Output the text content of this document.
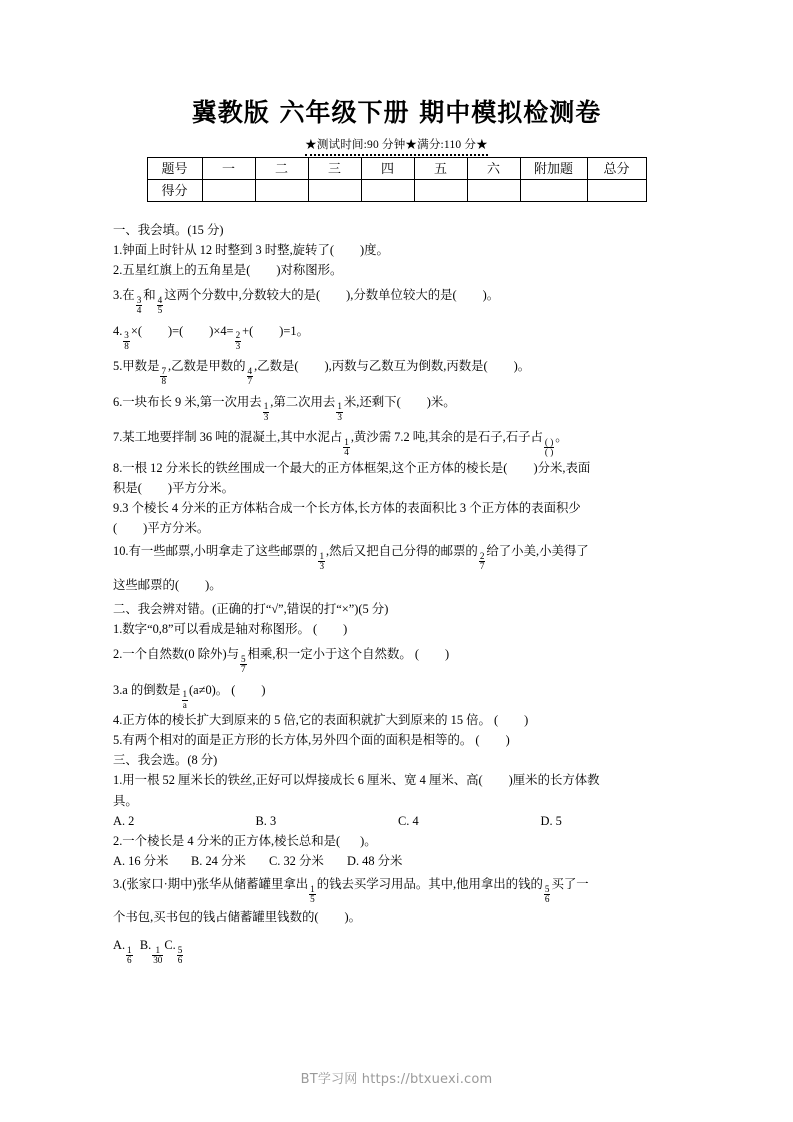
冀教版 六年级下册 期中模拟检测卷
★测试时间:90 分钟★满分:110 分★
题号	一	二	三	四	五	六	附加题	总分
得分								

一、我会填。(15 分)

1.钟面上时针从 12 时整到 3 时整,旋转了( )度。

2.五星红旗上的五角星是( )对称图形。

3.在
$\frac{3}{4}$
和
$\frac{4}{5}$
这两个分数中,分数较大的是( ),分数单位较大的是( )。

4.
$\frac{3}{8}$
×( )=( )×4=
$\frac{2}{3}$
+( )=1。

5.甲数是
$\frac{7}{8}$
,乙数是甲数的
$\frac{4}{7}$
,乙数是( ),丙数与乙数互为倒数,丙数是( )。

6.一块布长 9 米,第一次用去
$\frac{1}{3}$
,第二次用去
$\frac{1}{3}$
米,还剩下( )米。

7.某工地要拌制 36 吨的混凝土,其中水泥占
$\frac{1}{4}$
,黄沙需 7.2 吨,其余的是石子,石子占
$\frac{( )}{( )}$
。

8.一根 12 分米长的铁丝围成一个最大的正方体框架,这个正方体的棱长是( )分米,表面

积是( )平方分米。

9.3 个棱长 4 分米的正方体粘合成一个长方体,长方体的表面积比 3 个正方体的表面积少

( )平方分米。

10.有一些邮票,小明拿走了这些邮票的
$\frac{1}{3}$
,然后又把自己分得的邮票的
$\frac{2}{7}$
给了小美,小美得了

这些邮票的( )。

二、我会辨对错。(正确的打“√”,错误的打“×”)(5 分)

1.数字“0,8”可以看成是轴对称图形。 ( )

2.一个自然数(0 除外)与
$\frac{5}{7}$
相乘,积一定小于这个自然数。 ( )

3.a 的倒数是
$\frac{1}{a}$
(a≠0)。 ( )

4.正方体的棱长扩大到原来的 5 倍,它的表面积就扩大到原来的 15 倍。 ( )

5.有两个相对的面是正方形的长方体,另外四个面的面积是相等的。 ( )

三、我会选。(8 分)

1.用一根 52 厘米长的铁丝,正好可以焊接成长 6 厘米、宽 4 厘米、高( )厘米的长方体教

具。

A. 2	B. 3	C. 4	D. 5

2.一个棱长是 4 分米的正方体,棱长总和是( )。

A. 16 分米	B. 24 分米	C. 32 分米	D. 48 分米

3.(张家口·期中)张华从储蓄罐里拿出
$\frac{1}{5}$
的钱去买学习用品。其中,他用拿出的钱的
$\frac{5}{6}$
买了一

个书包,买书包的钱占储蓄罐里钱数的( )。

A.
$\frac{1}{6}$
B.
$\frac{1}{30}$
C.
$\frac{5}{6}$

BT学习网 https://btxuexi.com
